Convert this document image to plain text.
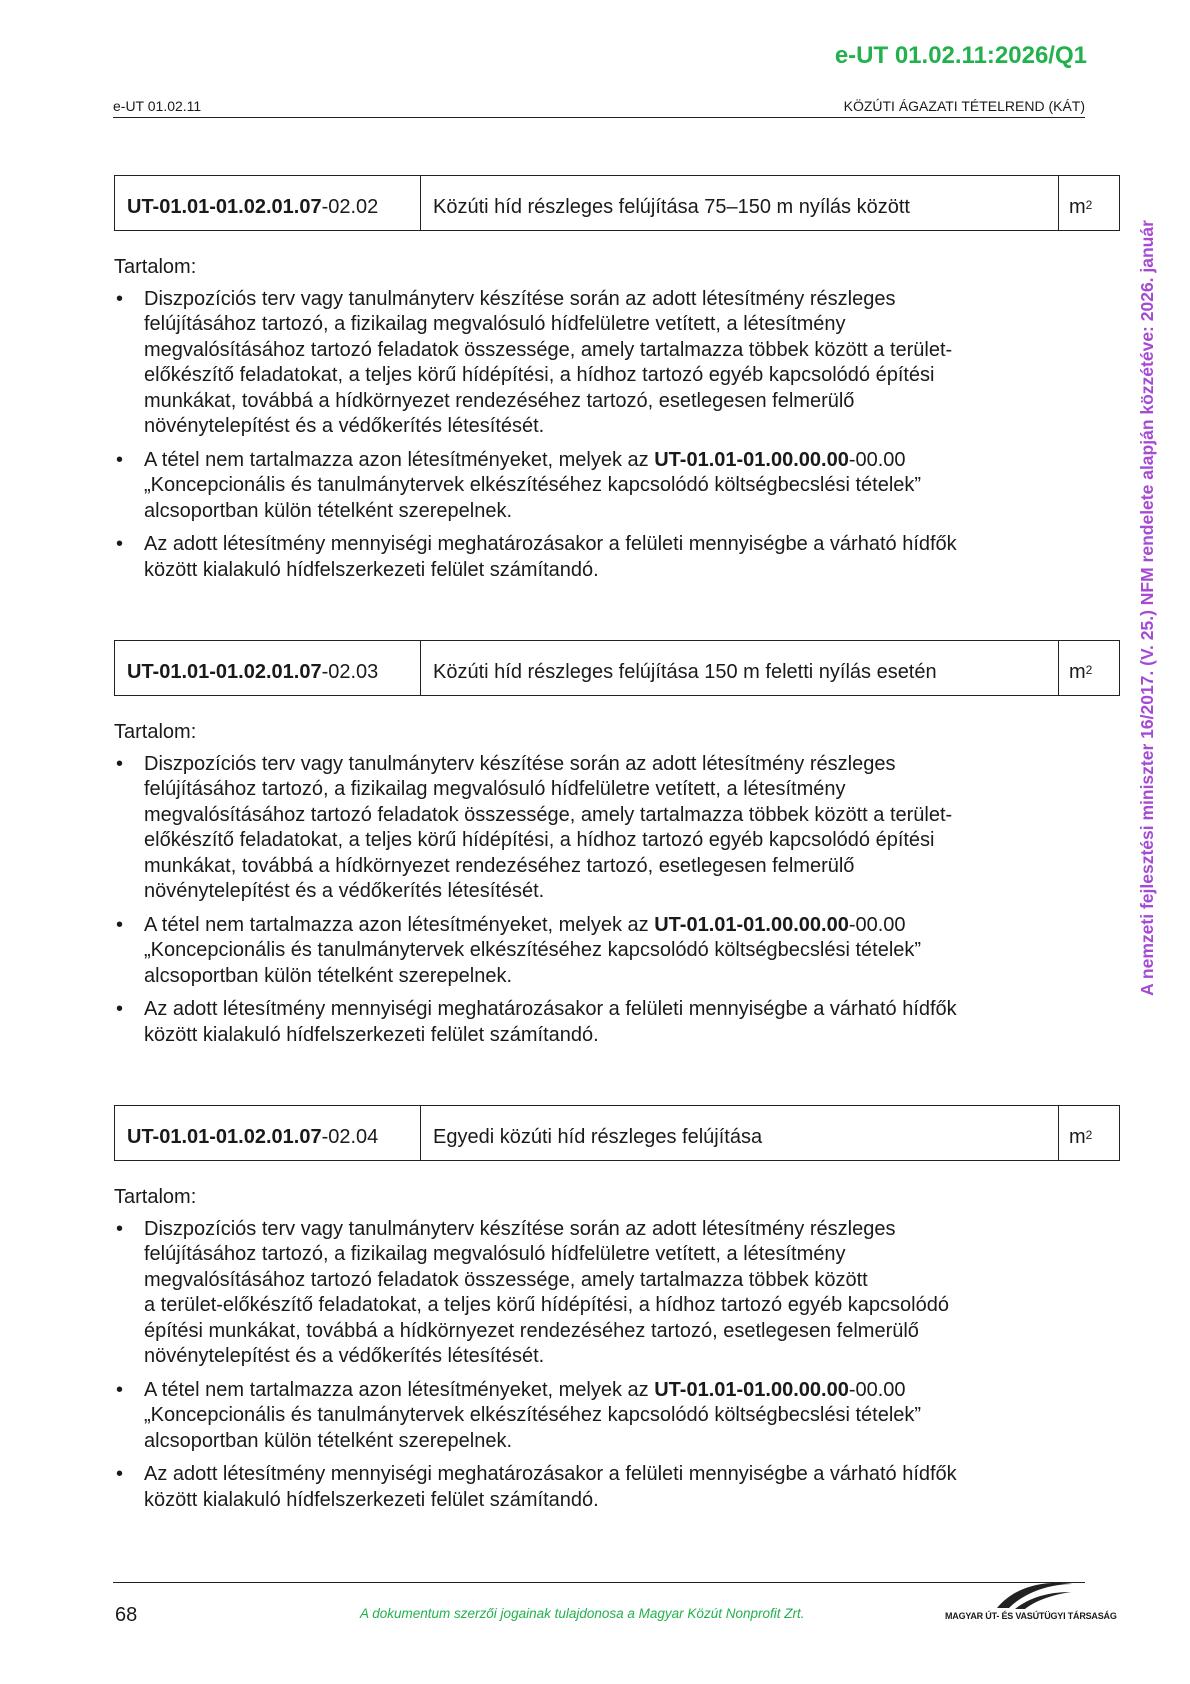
e-UT 01.02.11:2026/Q1
e-UT 01.02.11	KÖZÚTI ÁGAZATI TÉTELREND (KÁT)
A nemzeti fejlesztési miniszter 16/2017. (V. 25.) NFM rendelete alapján közzétéve: 2026. január
UT-01.01-01.02.01.07 -02.02	Közúti híd részleges felújítása 75–150 m nyílás között	$m^2$
Tartalom:
• Diszpozíciós terv vagy tanulmányterv készítése során az adott létesítmény részleges
felújításához tartozó, a fizikailag megvalósuló hídfelületre vetített, a létesítmény
megvalósításához tartozó feladatok összessége, amely tartalmazza többek között a terület-
előkészítő feladatokat, a teljes körű hídépítési, a hídhoz tartozó egyéb kapcsolódó építési
munkákat, továbbá a hídkörnyezet rendezéséhez tartozó, esetlegesen felmerülő
növénytelepítést és a védőkerítés létesítését.
• A tétel nem tartalmazza azon létesítményeket, melyek az UT-01.01-01.00.00.00-00.00
„Koncepcionális és tanulmánytervek elkészítéséhez kapcsolódó költségbecslési tételek”
alcsoportban külön tételként szerepelnek.
• Az adott létesítmény mennyiségi meghatározásakor a felületi mennyiségbe a várható hídfők
között kialakuló hídfelszerkezeti felület számítandó.
UT-01.01-01.02.01.07 -02.03	Közúti híd részleges felújítása 150 m feletti nyílás esetén	$m^2$
Tartalom:
• Diszpozíciós terv vagy tanulmányterv készítése során az adott létesítmény részleges
felújításához tartozó, a fizikailag megvalósuló hídfelületre vetített, a létesítmény
megvalósításához tartozó feladatok összessége, amely tartalmazza többek között a terület-
előkészítő feladatokat, a teljes körű hídépítési, a hídhoz tartozó egyéb kapcsolódó építési
munkákat, továbbá a hídkörnyezet rendezéséhez tartozó, esetlegesen felmerülő
növénytelepítést és a védőkerítés létesítését.
• A tétel nem tartalmazza azon létesítményeket, melyek az UT-01.01-01.00.00.00-00.00
„Koncepcionális és tanulmánytervek elkészítéséhez kapcsolódó költségbecslési tételek”
alcsoportban külön tételként szerepelnek.
• Az adott létesítmény mennyiségi meghatározásakor a felületi mennyiségbe a várható hídfők
között kialakuló hídfelszerkezeti felület számítandó.
UT-01.01-01.02.01.07 -02.04	Egyedi közúti híd részleges felújítása	$m^2$
Tartalom:
• Diszpozíciós terv vagy tanulmányterv készítése során az adott létesítmény részleges
felújításához tartozó, a fizikailag megvalósuló hídfelületre vetített, a létesítmény
megvalósításához tartozó feladatok összessége, amely tartalmazza többek között
a terület-előkészítő feladatokat, a teljes körű hídépítési, a hídhoz tartozó egyéb kapcsolódó
építési munkákat, továbbá a hídkörnyezet rendezéséhez tartozó, esetlegesen felmerülő
növénytelepítést és a védőkerítés létesítését.
• A tétel nem tartalmazza azon létesítményeket, melyek az UT-01.01-01.00.00.00-00.00
„Koncepcionális és tanulmánytervek elkészítéséhez kapcsolódó költségbecslési tételek”
alcsoportban külön tételként szerepelnek.
• Az adott létesítmény mennyiségi meghatározásakor a felületi mennyiségbe a várható hídfők
között kialakuló hídfelszerkezeti felület számítandó.
68	A dokumentum szerzői jogainak tulajdonosa a Magyar Közút Nonprofit Zrt.	MAGYAR ÚT- ÉS VASÚTÜGYI TÁRSASÁG
